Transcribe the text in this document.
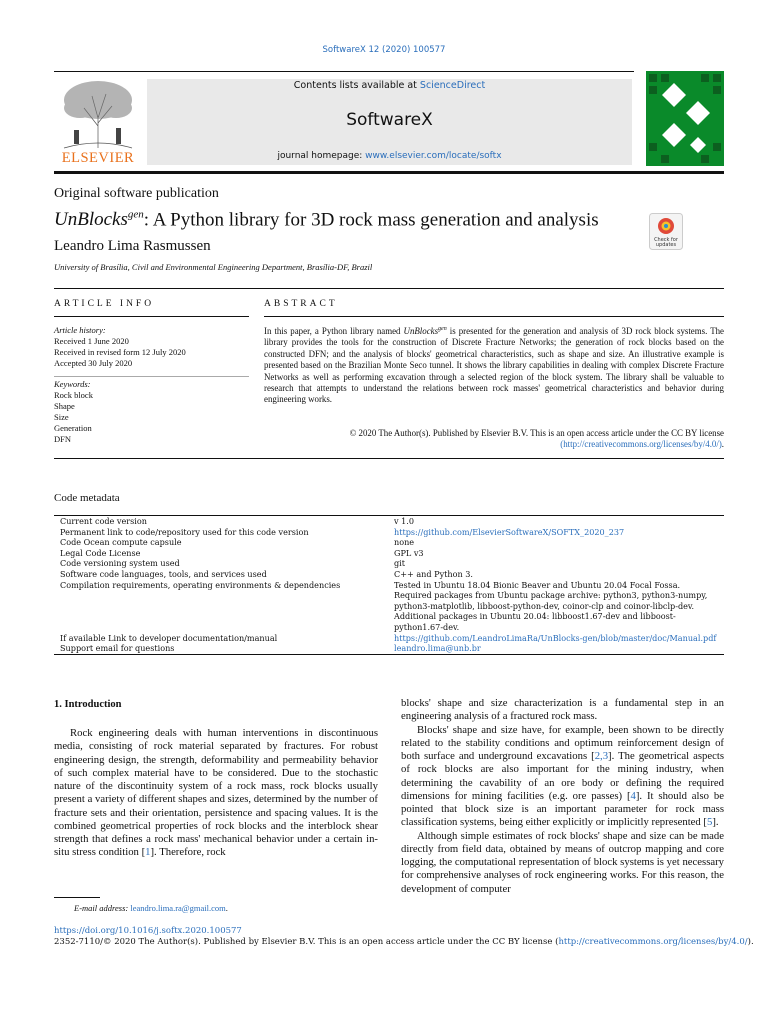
SoftwareX 12 (2020) 100577
ELSEVIER
Contents lists available at ScienceDirect
SoftwareX
journal homepage: www.elsevier.com/locate/softx
Original software publication
UnBlocks$^{gen}$: A Python library for 3D rock mass generation and analysis
Check for
updates
Leandro Lima Rasmussen
University of Brasília, Civil and Environmental Engineering Department, Brasília-DF, Brazil
ARTICLE INFO	ABSTRACT
Article history:
Received 1 June 2020
Received in revised form 12 July 2020
Accepted 30 July 2020
Keywords:
Rock block
Shape
Size
Generation
DFN
In this paper, a Python library named UnBlocks$^{gen}$ is presented for the generation and analysis of 3D rock block systems. The library provides the tools for the construction of Discrete Fracture Networks; the generation of rock blocks based on the constructed DFN; and the analysis of blocks' geometrical characteristics, such as shape and size. An illustrative example is presented based on the Brazilian Monte Seco tunnel. It shows the library capabilities in dealing with complex Discrete Fracture Networks as well as performing excavation through a selected region of the block system. The library shall be valuable to research that attempts to understand the relations between rock masses' geometrical characteristics and behavior during engineering works.
© 2020 The Author(s). Published by Elsevier B.V. This is an open access article under the CC BY license
(http://creativecommons.org/licenses/by/4.0/).
Code metadata
Current code version	v 1.0
Permanent link to code/repository used for this code version	https://github.com/ElsevierSoftwareX/SOFTX_2020_237
Code Ocean compute capsule	none
Legal Code License	GPL v3
Code versioning system used	git
Software code languages, tools, and services used	C++ and Python 3.
Compilation requirements, operating environments & dependencies	Tested in Ubuntu 18.04 Bionic Beaver and Ubuntu 20.04 Focal Fossa. Required packages from Ubuntu package archive: python3, python3-numpy, python3-matplotlib, libboost-python-dev, coinor-clp and coinor-libclp-dev. Additional packages in Ubuntu 20.04: libboost1.67-dev and libboost-python1.67-dev.
If available Link to developer documentation/manual	https://github.com/LeandroLimaRa/UnBlocks-gen/blob/master/doc/Manual.pdf
Support email for questions	leandro.lima@unb.br
1. Introduction
Rock engineering deals with human interventions in discontinuous media, consisting of rock material separated by fractures. For robust engineering design, the strength, deformability and permeability behavior of such complex material have to be considered. Due to the stochastic nature of the discontinuity system of a rock mass, rock blocks usually present a variety of different shapes and sizes, determined by the number of fracture sets and their orientation, persistence and spacing values. It is the combined geometrical properties of rock blocks and the interblock shear strength that defines a rock mass' mechanical behavior under a certain in-situ stress condition [1]. Therefore, rock

blocks' shape and size characterization is a fundamental step in an engineering analysis of a fractured rock mass.

Blocks' shape and size have, for example, been shown to be directly related to the stability conditions and optimum reinforcement design of both surface and underground excavations [2,3]. The geometrical aspects of rock blocks are also important for the mining industry, when determining the cavability of an ore body or defining the required dimensions for mining facilities (e.g. ore passes) [4]. It should also be pointed that block size is an important parameter for rock mass classification systems, being either explicitly or implicitly represented [5].

Although simple estimates of rock blocks' shape and size can be made directly from field data, obtained by means of outcrop mapping and core logging, the computational representation of block systems is yet necessary for comprehensive analyses of rock engineering works. For this reason, the development of computer

E-mail address: leandro.lima.ra@gmail.com.
https://doi.org/10.1016/j.softx.2020.100577
2352-7110/© 2020 The Author(s). Published by Elsevier B.V. This is an open access article under the CC BY license (http://creativecommons.org/licenses/by/4.0/).
